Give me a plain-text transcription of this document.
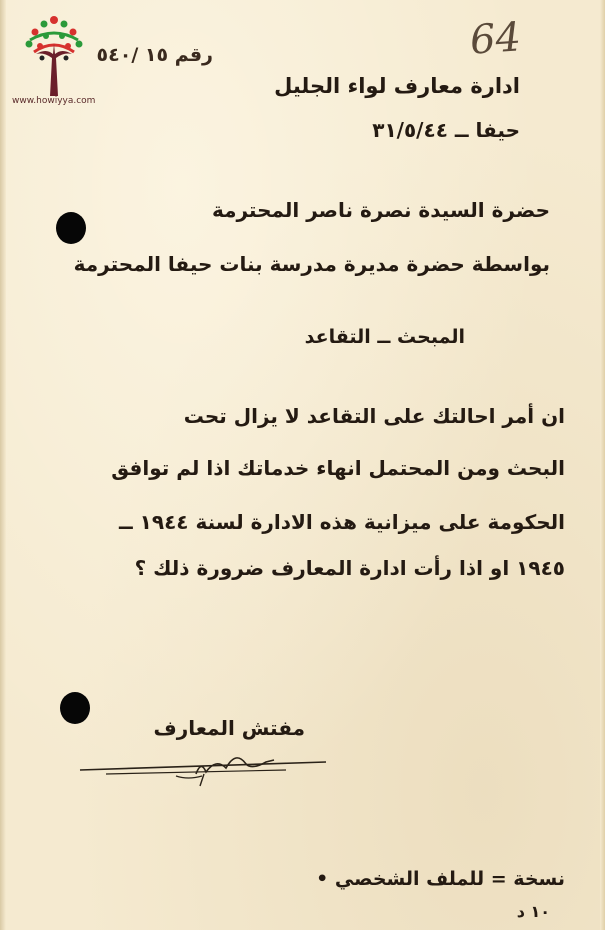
www.howiyya.com
رقم ١٥ /٥٤٠	64
ادارة معارف لواء الجليل
حيفا ــ ٣١/٥/٤٤
حضرة السيدة نصرة ناصر المحترمة
بواسطة حضرة مديرة مدرسة بنات حيفا المحترمة
المبحث ــ التقاعد
ان أمر احالتك على التقاعد لا يزال تحت
البحث ومن المحتمل انهاء خدماتك اذا لم توافق
الحكومة على ميزانية هذه الادارة لسنة ١٩٤٤ ــ
١٩٤٥ او اذا رأت ادارة المعارف ضرورة ذلك ؟
مفتش المعارف
نسخة = للملف الشخصي •
١٠ د
